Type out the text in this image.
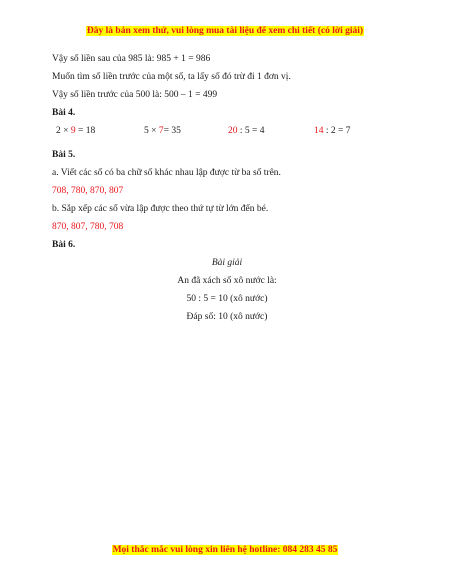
Đây là bản xem thử, vui lòng mua tài liệu để xem chi tiết (có lời giải)
Vậy số liền sau của 985 là: 985 + 1 = 986
Muốn tìm số liền trước của một số, ta lấy số đó trừ đi 1 đơn vị.
Vậy số liền trước của 500 là: 500 – 1 = 499
Bài 4.
2 × 9 = 18	5 × 7= 35	20 : 5 = 4	14 : 2 = 7
Bài 5.
a. Viết các số có ba chữ số khác nhau lập được từ ba số trên.
708, 780, 870, 807
b. Sắp xếp các số vừa lập được theo thứ tự từ lớn đến bé.
870, 807, 780, 708
Bài 6.
Bài giải
An đã xách số xô nước là:
50 : 5 = 10 (xô nước)
Đáp số: 10 (xô nước)
Mọi thắc mắc vui lòng xin liên hệ hotline: 084 283 45 85
